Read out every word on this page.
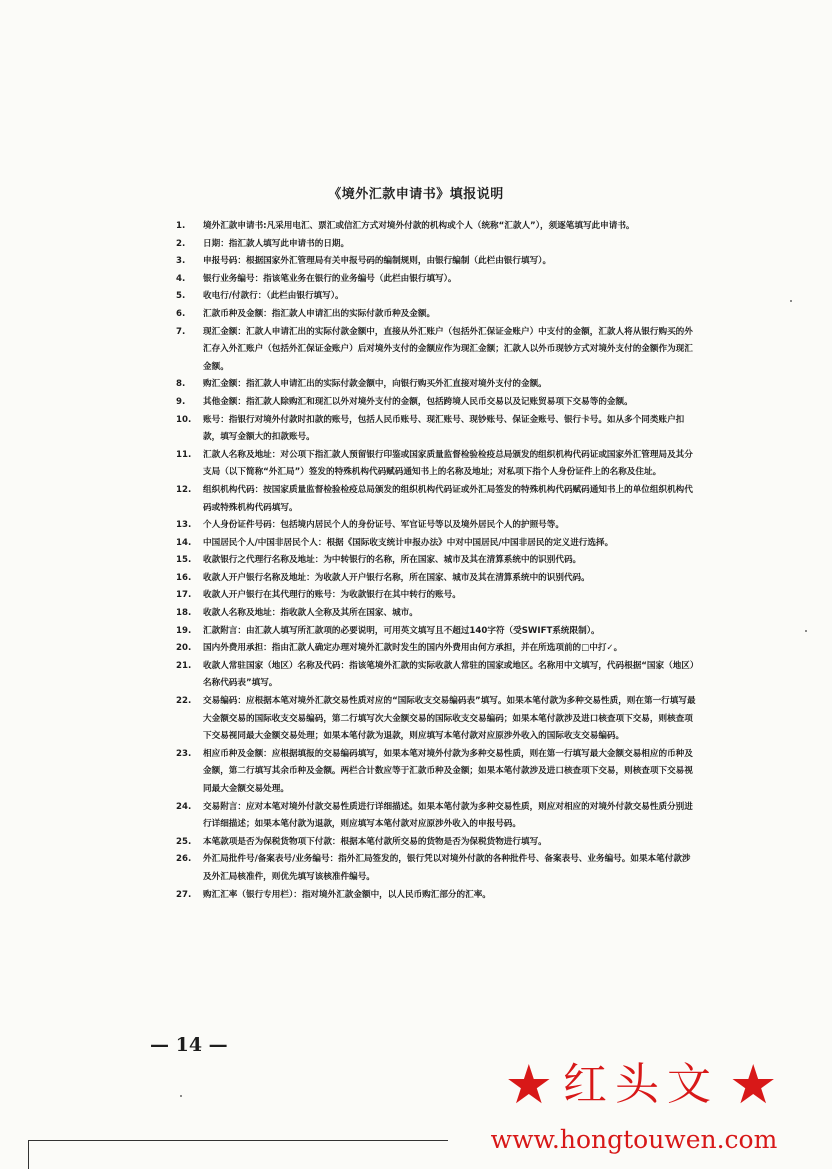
《境外汇款申请书》填报说明
1.	境外汇款申请书:凡采用电汇、票汇或信汇方式对境外付款的机构或个人（统称“汇款人”），须逐笔填写此申请书。
2.	日期：指汇款人填写此申请书的日期。
3.	申报号码：根据国家外汇管理局有关申报号码的编制规则，由银行编制（此栏由银行填写）。
4.	银行业务编号：指该笔业务在银行的业务编号（此栏由银行填写）。
5.	收电行/付款行：（此栏由银行填写）。
6.	汇款币种及金额：指汇款人申请汇出的实际付款币种及金额。
7.	现汇金额：汇款人申请汇出的实际付款金额中，直接从外汇账户（包括外汇保证金账户）中支付的金额，汇款人将从银行购买的外汇存入外汇账户（包括外汇保证金账户）后对境外支付的金额应作为现汇金额；汇款人以外币现钞方式对境外支付的金额作为现汇金额。
8.	购汇金额：指汇款人申请汇出的实际付款金额中，向银行购买外汇直接对境外支付的金额。
9.	其他金额：指汇款人除购汇和现汇以外对境外支付的金额，包括跨境人民币交易以及记账贸易项下交易等的金额。
10.	账号：指银行对境外付款时扣款的账号，包括人民币账号、现汇账号、现钞账号、保证金账号、银行卡号。如从多个同类账户扣款，填写金额大的扣款账号。
11.	汇款人名称及地址：对公项下指汇款人预留银行印鉴或国家质量监督检验检疫总局颁发的组织机构代码证或国家外汇管理局及其分支局（以下简称“外汇局”）签发的特殊机构代码赋码通知书上的名称及地址；对私项下指个人身份证件上的名称及住址。
12.	组织机构代码：按国家质量监督检验检疫总局颁发的组织机构代码证或外汇局签发的特殊机构代码赋码通知书上的单位组织机构代码或特殊机构代码填写。
13.	个人身份证件号码：包括境内居民个人的身份证号、军官证号等以及境外居民个人的护照号等。
14.	中国居民个人/中国非居民个人：根据《国际收支统计申报办法》中对中国居民/中国非居民的定义进行选择。
15.	收款银行之代理行名称及地址：为中转银行的名称，所在国家、城市及其在清算系统中的识别代码。
16.	收款人开户银行名称及地址：为收款人开户银行名称，所在国家、城市及其在清算系统中的识别代码。
17.	收款人开户银行在其代理行的账号：为收款银行在其中转行的账号。
18.	收款人名称及地址：指收款人全称及其所在国家、城市。
19.	汇款附言：由汇款人填写所汇款项的必要说明，可用英文填写且不超过140字符（受SWIFT系统限制）。
20.	国内外费用承担：指由汇款人确定办理对境外汇款时发生的国内外费用由何方承担，并在所选项前的□中打✓。
21.	收款人常驻国家（地区）名称及代码：指该笔境外汇款的实际收款人常驻的国家或地区。名称用中文填写，代码根据“国家（地区）名称代码表”填写。
22.	交易编码：应根据本笔对境外汇款交易性质对应的“国际收支交易编码表”填写。如果本笔付款为多种交易性质，则在第一行填写最大金额交易的国际收支交易编码，第二行填写次大金额交易的国际收支交易编码；如果本笔付款涉及进口核查项下交易，则核查项下交易视同最大金额交易处理；如果本笔付款为退款，则应填写本笔付款对应原涉外收入的国际收支交易编码。
23.	相应币种及金额：应根据填报的交易编码填写，如果本笔对境外付款为多种交易性质，则在第一行填写最大金额交易相应的币种及金额，第二行填写其余币种及金额。两栏合计数应等于汇款币种及金额；如果本笔付款涉及进口核查项下交易，则核查项下交易视同最大金额交易处理。
24.	交易附言：应对本笔对境外付款交易性质进行详细描述。如果本笔付款为多种交易性质，则应对相应的对境外付款交易性质分别进行详细描述；如果本笔付款为退款，则应填写本笔付款对应原涉外收入的申报号码。
25.	本笔款项是否为保税货物项下付款：根据本笔付款所交易的货物是否为保税货物进行填写。
26.	外汇局批件号/备案表号/业务编号：指外汇局签发的，银行凭以对境外付款的各种批件号、备案表号、业务编号。如果本笔付款涉及外汇局核准件，则优先填写该核准件编号。
27.	购汇汇率（银行专用栏）：指对境外汇款金额中，以人民币购汇部分的汇率。
— 14 —
★ 红头文 ★
www.hongtouwen.com
